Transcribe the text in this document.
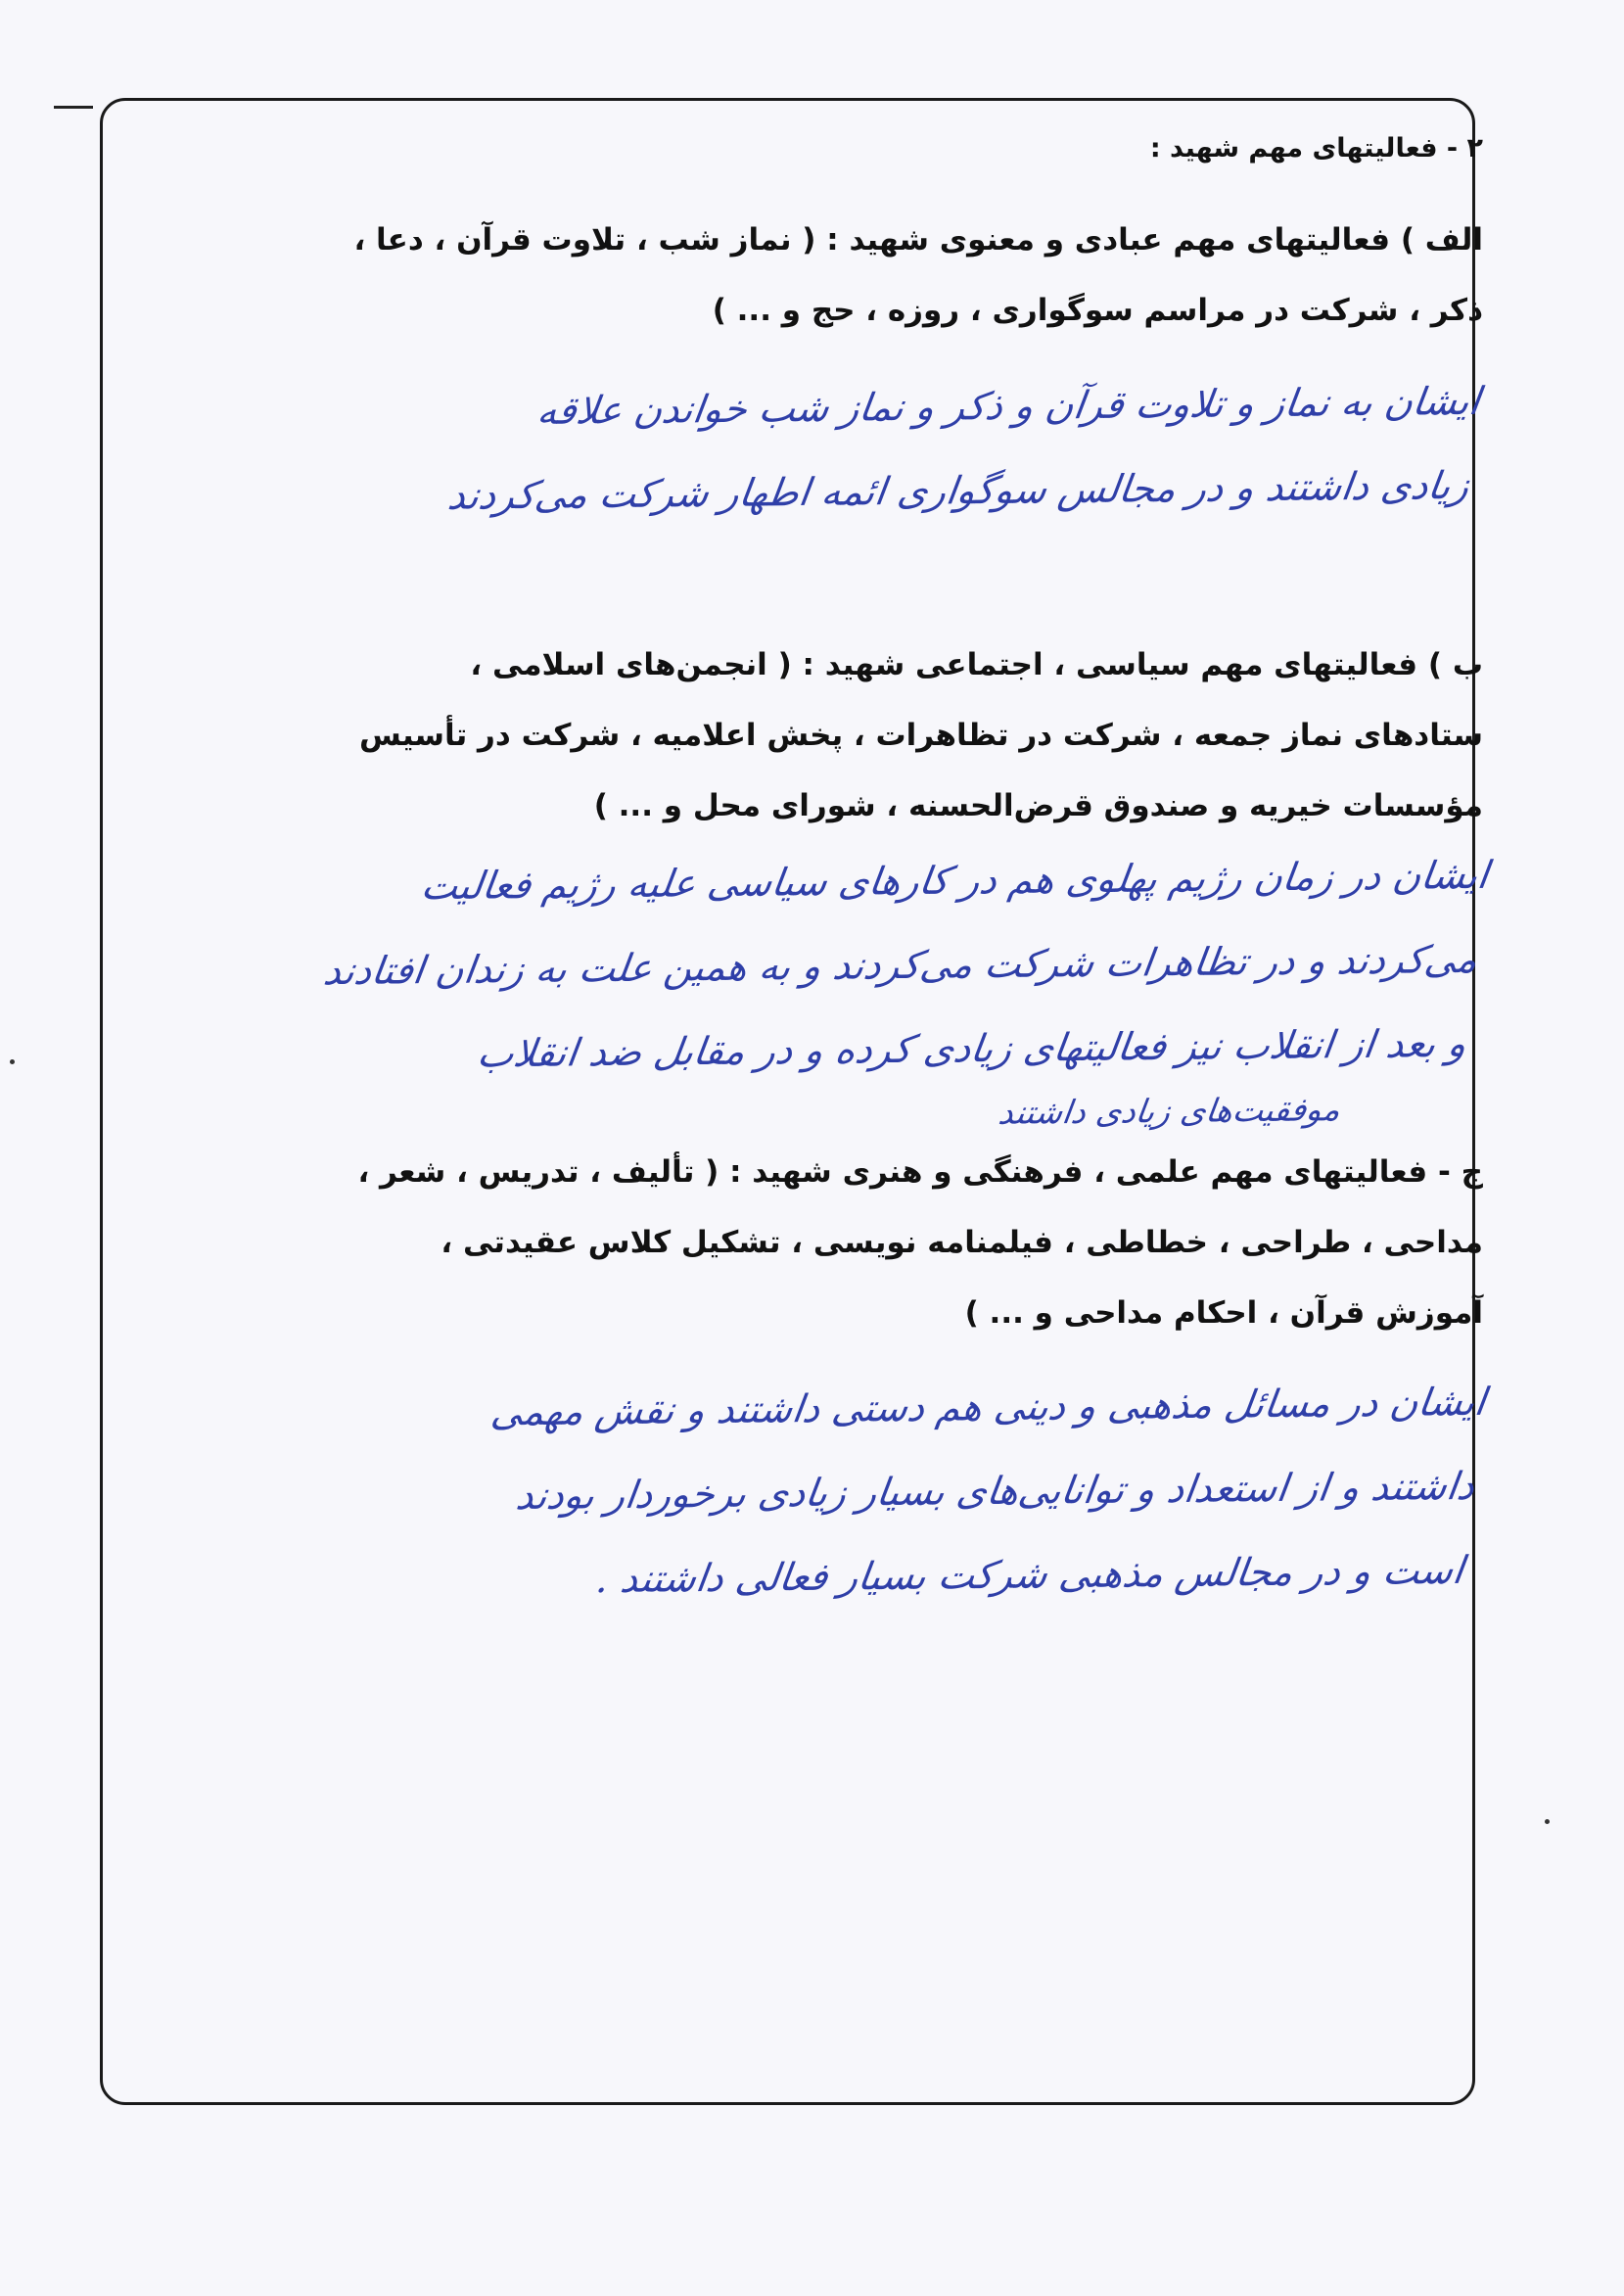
۲ - فعالیتهای مهم شهید :

الف ) فعالیتهای مهم عبادی و معنوی شهید : ( نماز شب ، تلاوت قرآن ، دعا ،

ذکر ، شرکت در مراسم سوگواری ، روزه ، حج و ... )

ایشان به نماز و تلاوت قرآن و ذکر و نماز شب خواندن علاقه

زیادی داشتند و در مجالس سوگواری ائمه اطهار شرکت می‌کردند

ب ) فعالیتهای مهم سیاسی ، اجتماعی شهید : ( انجمن‌های اسلامی ،

ستادهای نماز جمعه ، شرکت در تظاهرات ، پخش اعلامیه ، شرکت در تأسیس

مؤسسات خیریه و صندوق قرض‌الحسنه ، شورای محل و ... )

ایشان در زمان رژیم پهلوی هم در کارهای سیاسی علیه رژیم فعالیت

می‌کردند و در تظاهرات شرکت می‌کردند و به همین علت به زندان افتادند

و بعد از انقلاب نیز فعالیتهای زیادی کرده و در مقابل ضد انقلاب

موفقیت‌های زیادی داشتند

ج - فعالیتهای مهم علمی ، فرهنگی و هنری شهید : ( تألیف ، تدریس ، شعر ،

مداحی ، طراحی ، خطاطی ، فیلمنامه نویسی ، تشکیل کلاس عقیدتی ،

آموزش قرآن ، احکام مداحی و ... )

ایشان در مسائل مذهبی و دینی هم دستی داشتند و نقش مهمی

داشتند و از استعداد و توانایی‌های بسیار زیادی برخوردار بودند

است و در مجالس مذهبی شرکت بسیار فعالی داشتند .
